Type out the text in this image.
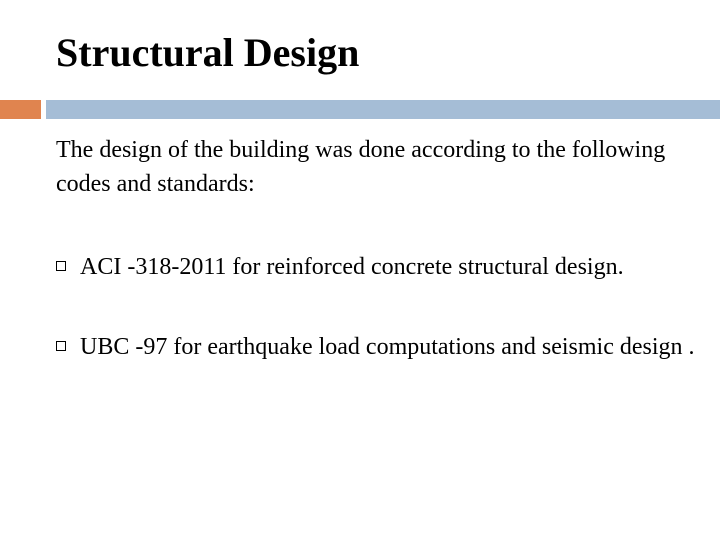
Structural Design
The design of the building was done according to the following codes and standards:
ACI -318-2011 for reinforced concrete structural design.
UBC -97 for earthquake load computations and seismic design .
